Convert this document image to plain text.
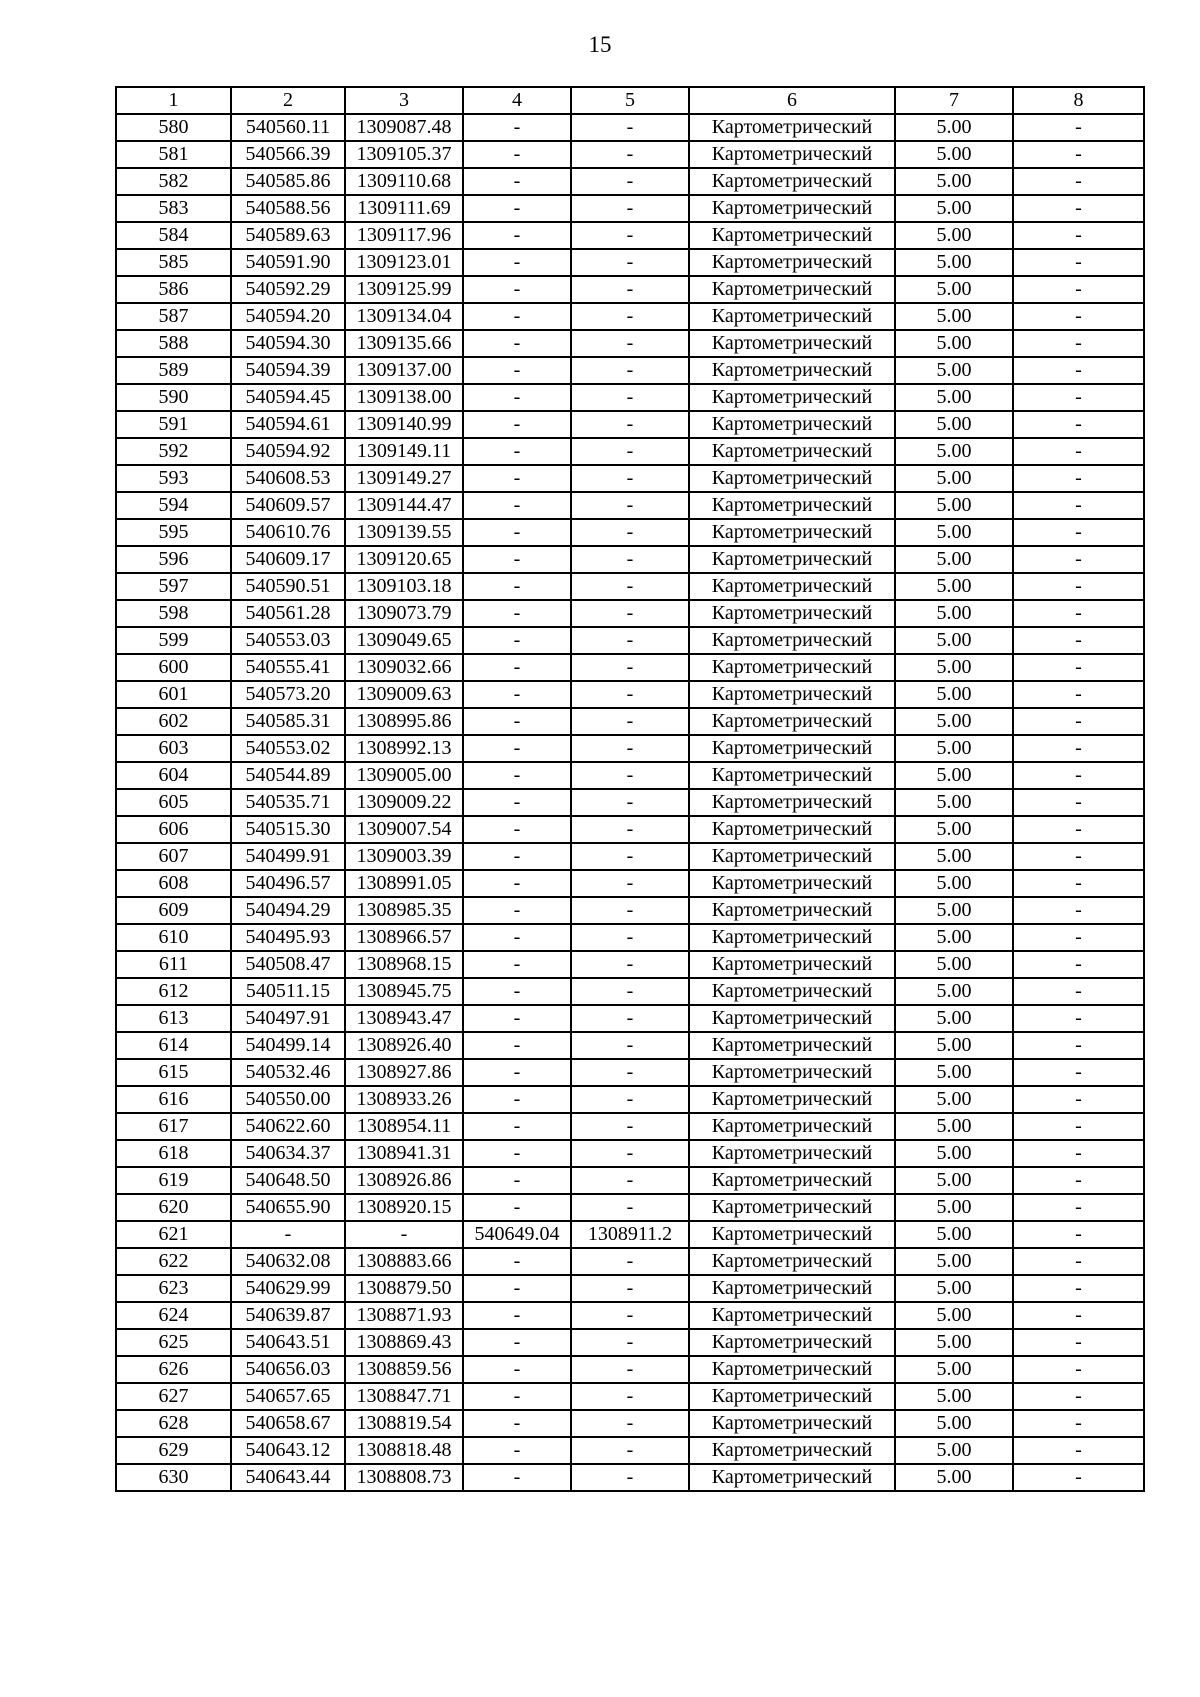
15
1	2	3	4	5	6	7	8
580	540560.11	1309087.48	-	-	Картометрический	5.00	-
581	540566.39	1309105.37	-	-	Картометрический	5.00	-
582	540585.86	1309110.68	-	-	Картометрический	5.00	-
583	540588.56	1309111.69	-	-	Картометрический	5.00	-
584	540589.63	1309117.96	-	-	Картометрический	5.00	-
585	540591.90	1309123.01	-	-	Картометрический	5.00	-
586	540592.29	1309125.99	-	-	Картометрический	5.00	-
587	540594.20	1309134.04	-	-	Картометрический	5.00	-
588	540594.30	1309135.66	-	-	Картометрический	5.00	-
589	540594.39	1309137.00	-	-	Картометрический	5.00	-
590	540594.45	1309138.00	-	-	Картометрический	5.00	-
591	540594.61	1309140.99	-	-	Картометрический	5.00	-
592	540594.92	1309149.11	-	-	Картометрический	5.00	-
593	540608.53	1309149.27	-	-	Картометрический	5.00	-
594	540609.57	1309144.47	-	-	Картометрический	5.00	-
595	540610.76	1309139.55	-	-	Картометрический	5.00	-
596	540609.17	1309120.65	-	-	Картометрический	5.00	-
597	540590.51	1309103.18	-	-	Картометрический	5.00	-
598	540561.28	1309073.79	-	-	Картометрический	5.00	-
599	540553.03	1309049.65	-	-	Картометрический	5.00	-
600	540555.41	1309032.66	-	-	Картометрический	5.00	-
601	540573.20	1309009.63	-	-	Картометрический	5.00	-
602	540585.31	1308995.86	-	-	Картометрический	5.00	-
603	540553.02	1308992.13	-	-	Картометрический	5.00	-
604	540544.89	1309005.00	-	-	Картометрический	5.00	-
605	540535.71	1309009.22	-	-	Картометрический	5.00	-
606	540515.30	1309007.54	-	-	Картометрический	5.00	-
607	540499.91	1309003.39	-	-	Картометрический	5.00	-
608	540496.57	1308991.05	-	-	Картометрический	5.00	-
609	540494.29	1308985.35	-	-	Картометрический	5.00	-
610	540495.93	1308966.57	-	-	Картометрический	5.00	-
611	540508.47	1308968.15	-	-	Картометрический	5.00	-
612	540511.15	1308945.75	-	-	Картометрический	5.00	-
613	540497.91	1308943.47	-	-	Картометрический	5.00	-
614	540499.14	1308926.40	-	-	Картометрический	5.00	-
615	540532.46	1308927.86	-	-	Картометрический	5.00	-
616	540550.00	1308933.26	-	-	Картометрический	5.00	-
617	540622.60	1308954.11	-	-	Картометрический	5.00	-
618	540634.37	1308941.31	-	-	Картометрический	5.00	-
619	540648.50	1308926.86	-	-	Картометрический	5.00	-
620	540655.90	1308920.15	-	-	Картометрический	5.00	-
621	-	-	540649.04	1308911.2	Картометрический	5.00	-
622	540632.08	1308883.66	-	-	Картометрический	5.00	-
623	540629.99	1308879.50	-	-	Картометрический	5.00	-
624	540639.87	1308871.93	-	-	Картометрический	5.00	-
625	540643.51	1308869.43	-	-	Картометрический	5.00	-
626	540656.03	1308859.56	-	-	Картометрический	5.00	-
627	540657.65	1308847.71	-	-	Картометрический	5.00	-
628	540658.67	1308819.54	-	-	Картометрический	5.00	-
629	540643.12	1308818.48	-	-	Картометрический	5.00	-
630	540643.44	1308808.73	-	-	Картометрический	5.00	-
